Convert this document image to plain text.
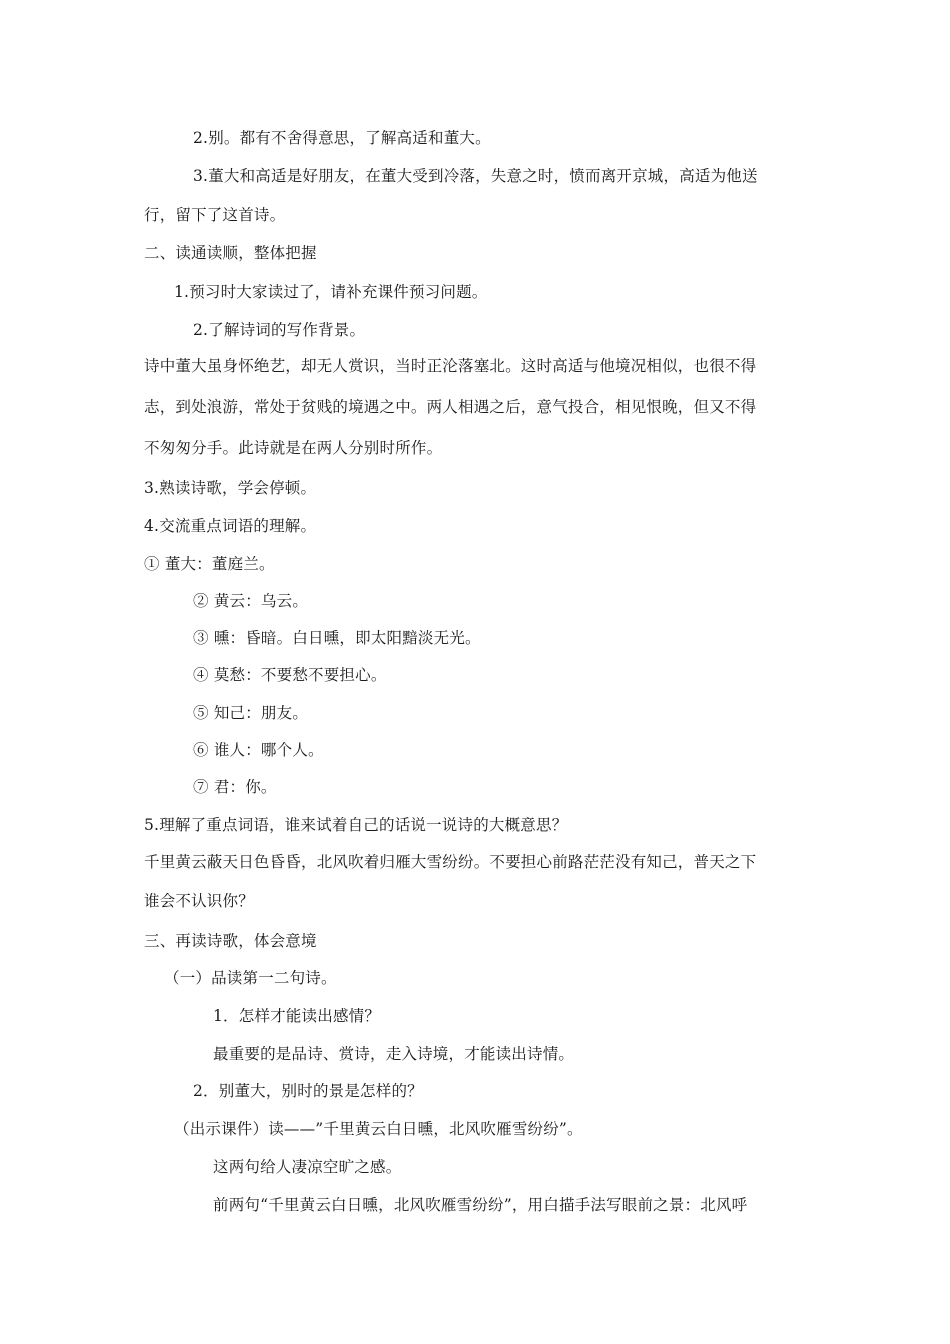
2.别。都有不舍得意思，了解高适和董大。
3.董大和高适是好朋友，在董大受到冷落，失意之时，愤而离开京城，高适为他送
行，留下了这首诗。
二、读通读顺，整体把握
1.预习时大家读过了，请补充课件预习问题。
2.了解诗词的写作背景。
诗中董大虽身怀绝艺，却无人赏识，当时正沦落塞北。这时高适与他境况相似，也很不得
志，到处浪游，常处于贫贱的境遇之中。两人相遇之后，意气投合，相见恨晚，但又不得
不匆匆分手。此诗就是在两人分别时所作。
3.熟读诗歌，学会停顿。
4.交流重点词语的理解。
① 董大：董庭兰。
② 黄云：乌云。
③ 曛：昏暗。白日曛，即太阳黯淡无光。
④ 莫愁：不要愁不要担心。
⑤ 知己：朋友。
⑥ 谁人：哪个人。
⑦ 君：你。
5.理解了重点词语，谁来试着自己的话说一说诗的大概意思？
千里黄云蔽天日色昏昏，北风吹着归雁大雪纷纷。不要担心前路茫茫没有知己，普天之下
谁会不认识你？
三、再读诗歌，体会意境
（一）品读第一二句诗。
1．怎样才能读出感情？
最重要的是品诗、赏诗，走入诗境，才能读出诗情。
2．别董大，别时的景是怎样的？
（出示课件）读——”千里黄云白日曛，北风吹雁雪纷纷”。
这两句给人凄凉空旷之感。
前两句“千里黄云白日曛，北风吹雁雪纷纷”，用白描手法写眼前之景：北风呼
